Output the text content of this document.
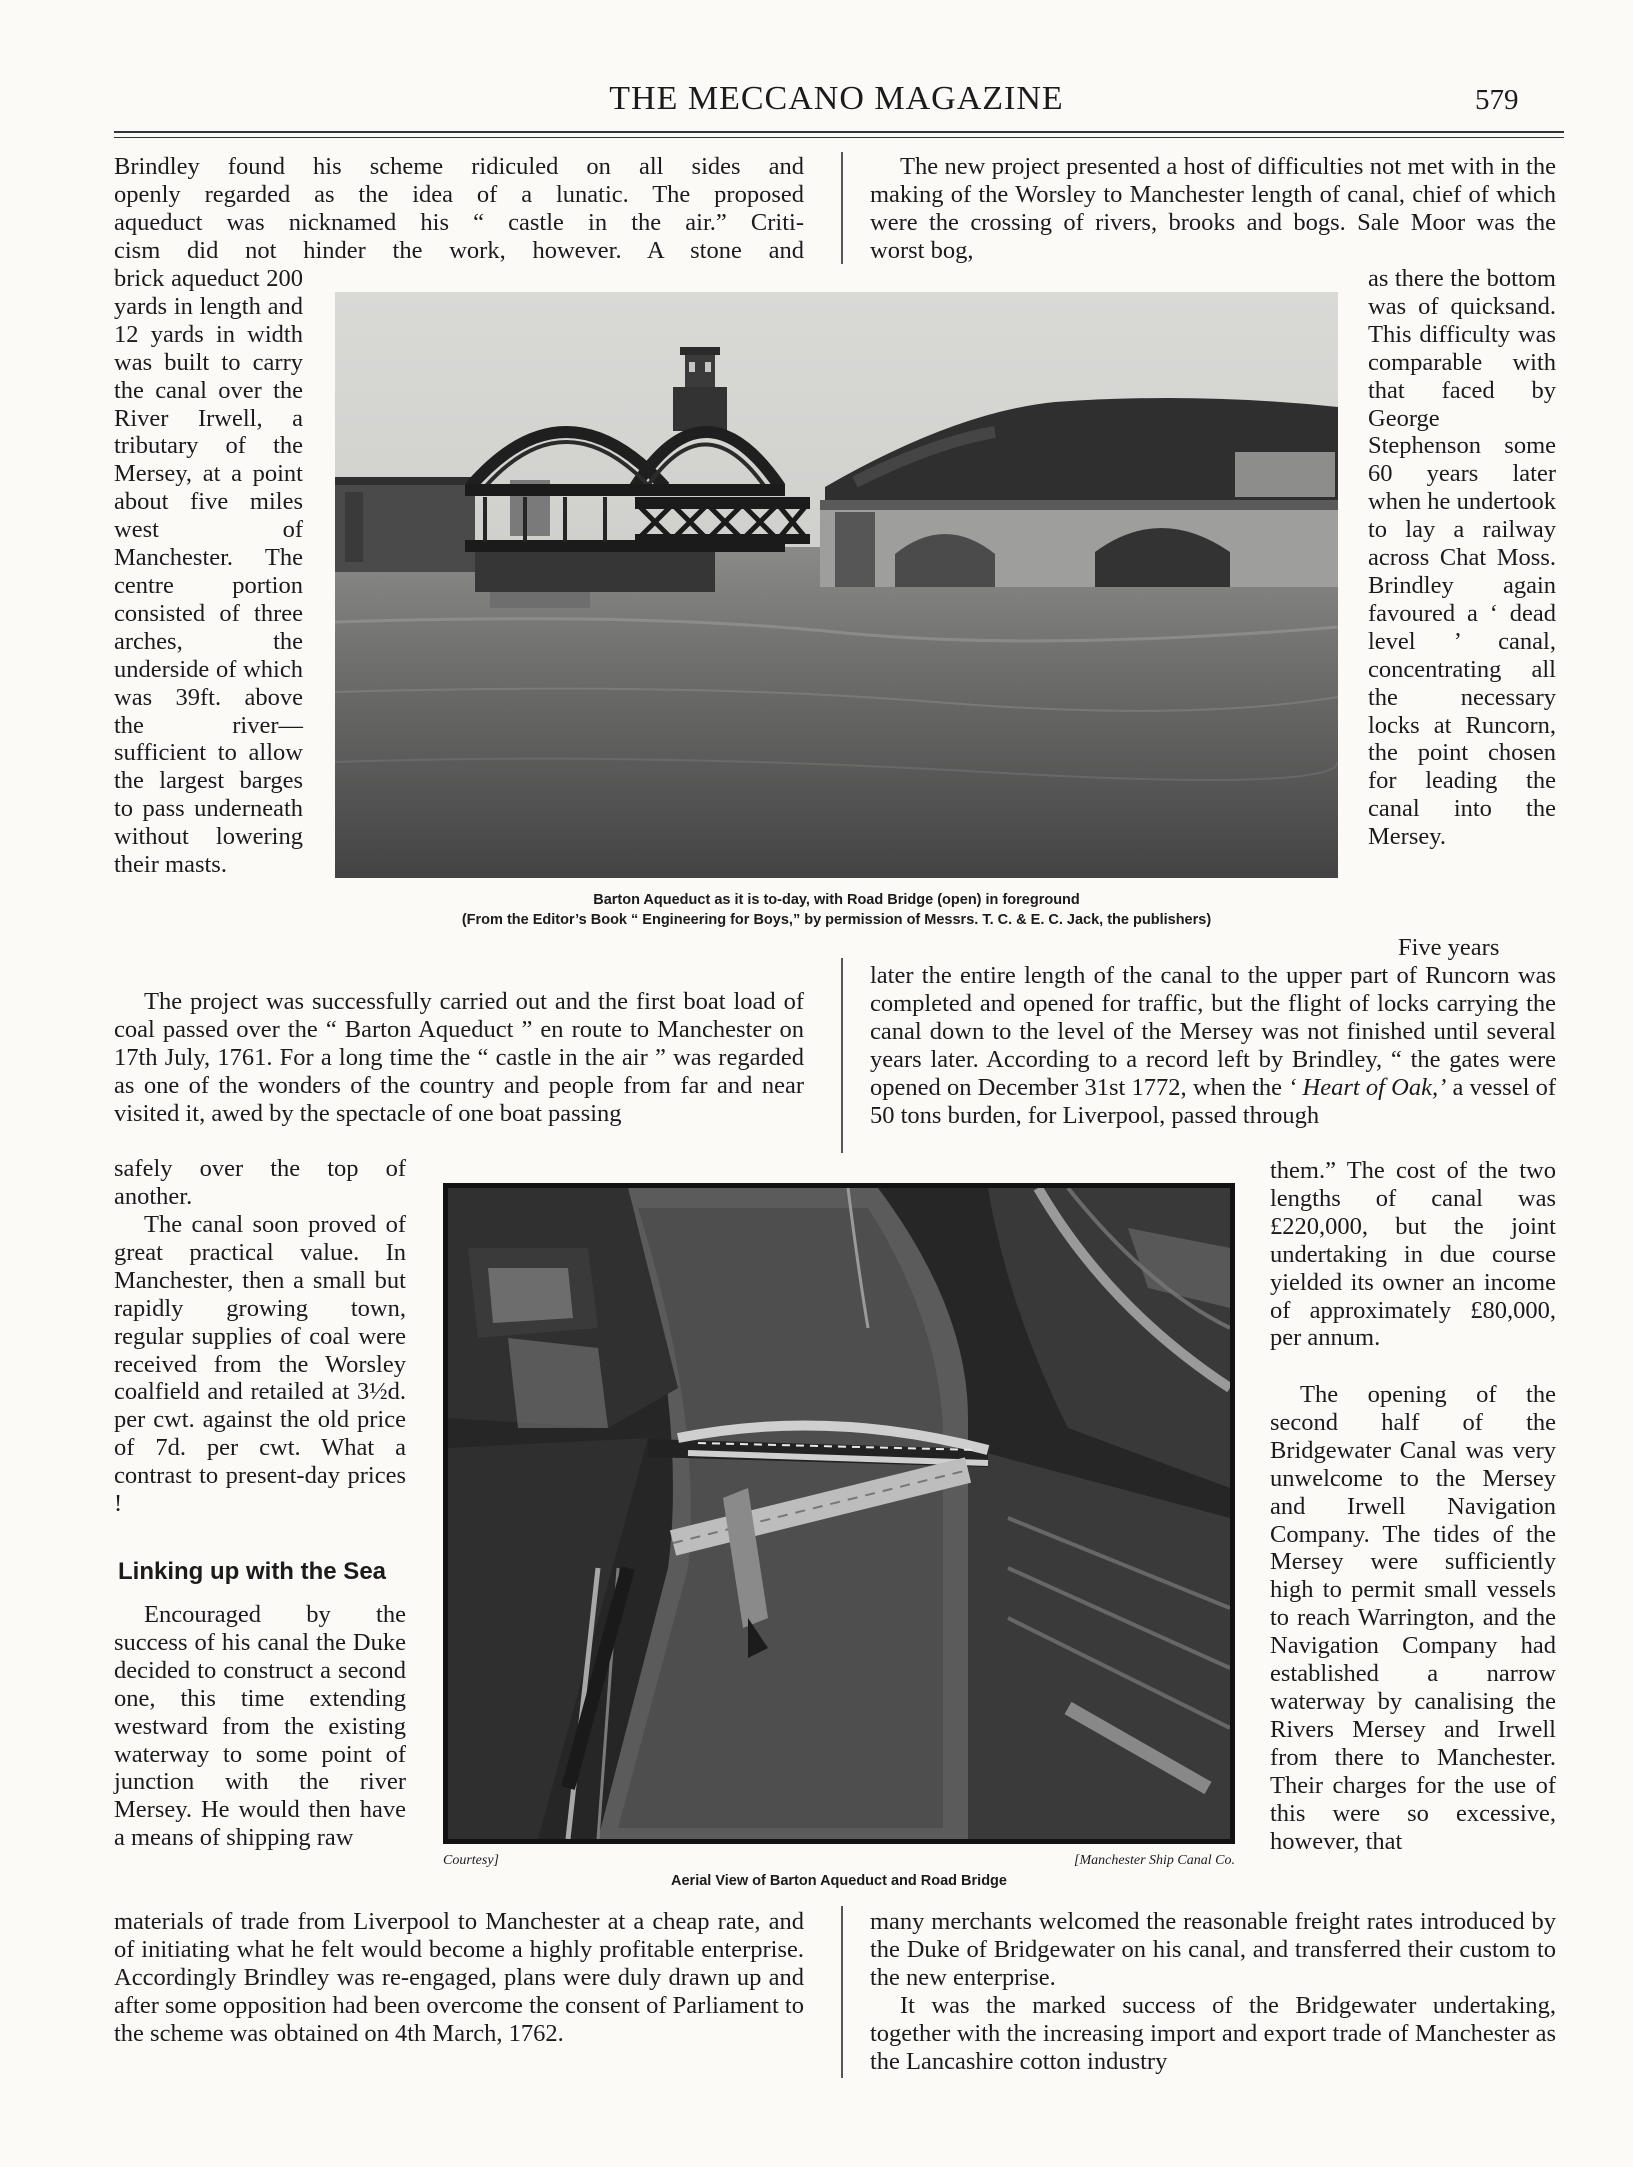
THE MECCANO MAGAZINE	579
Brindley found his scheme ridiculed on all sides and
openly regarded as the idea of a lunatic. The proposed
aqueduct was nicknamed his “ castle in the air.” Criti-
cism did not hinder the work, however. A stone and

brick aqueduct 200 yards in length and 12 yards in width was built to carry the canal over the River Irwell, a tributary of the Mersey, at a point about five miles west of Manchester. The centre portion consisted of three arches, the underside of which was 39ft. above the river—sufficient to allow the largest barges to pass underneath without lowering their masts.

The project was successfully carried out and the first boat load of coal passed over the “ Barton Aqueduct ” en route to Manchester on 17th July, 1761. For a long time the “ castle in the air ” was regarded as one of the wonders of the country and people from far and near visited it, awed by the spectacle of one boat passing

safely over the top of another.

The canal soon proved of great practical value. In Manchester, then a small but rapidly growing town, regular supplies of coal were received from the Worsley coalfield and retailed at 3½d. per cwt. against the old price of 7d. per cwt. What a contrast to present-day prices !

Linking up with the Sea

Encouraged by the success of his canal the Duke decided to construct a second one, this time extending westward from the existing waterway to some point of junction with the river Mersey. He would then have a means of shipping raw

materials of trade from Liverpool to Manchester at a cheap rate, and of initiating what he felt would become a highly profitable enterprise. Accordingly Brindley was re-engaged, plans were duly drawn up and after some opposition had been overcome the consent of Parliament to the scheme was obtained on 4th March, 1762.

The new project presented a host of difficulties not met with in the making of the Worsley to Manchester length of canal, chief of which were the crossing of rivers, brooks and bogs. Sale Moor was the worst bog,

as there the bottom was of quicksand. This difficulty was comparable with that faced by George Stephenson some 60 years later when he undertook to lay a railway across Chat Moss. Brindley again favoured a ‘ dead level ’ canal, concentrating all the necessary locks at Runcorn, the point chosen for leading the canal into the Mersey.

Five years

later the entire length of the canal to the upper part of Runcorn was completed and opened for traffic, but the flight of locks carrying the canal down to the level of the Mersey was not finished until several years later. According to a record left by Brindley, “ the gates were opened on December 31st 1772, when the ‘ Heart of Oak,’ a vessel of 50 tons burden, for Liverpool, passed through

them.” The cost of the two lengths of canal was £220,000, but the joint undertaking in due course yielded its owner an income of approximately £80,000, per annum.

The opening of the second half of the Bridgewater Canal was very unwelcome to the Mersey and Irwell Navigation Company. The tides of the Mersey were sufficiently high to permit small vessels to reach Warrington, and the Navigation Company had established a narrow waterway by canalising the Rivers Mersey and Irwell from there to Manchester. Their charges for the use of this were so excessive, however, that

many merchants welcomed the reasonable freight rates introduced by the Duke of Bridgewater on his canal, and transferred their custom to the new enterprise.

It was the marked success of the Bridgewater undertaking, together with the increasing import and export trade of Manchester as the Lancashire cotton industry

Barton Aqueduct as it is to-day, with Road Bridge (open) in foreground
(From the Editor’s Book “ Engineering for Boys,” by permission of Messrs. T. C. & E. C. Jack, the publishers)
Courtesy]	[Manchester Ship Canal Co.
Aerial View of Barton Aqueduct and Road Bridge
